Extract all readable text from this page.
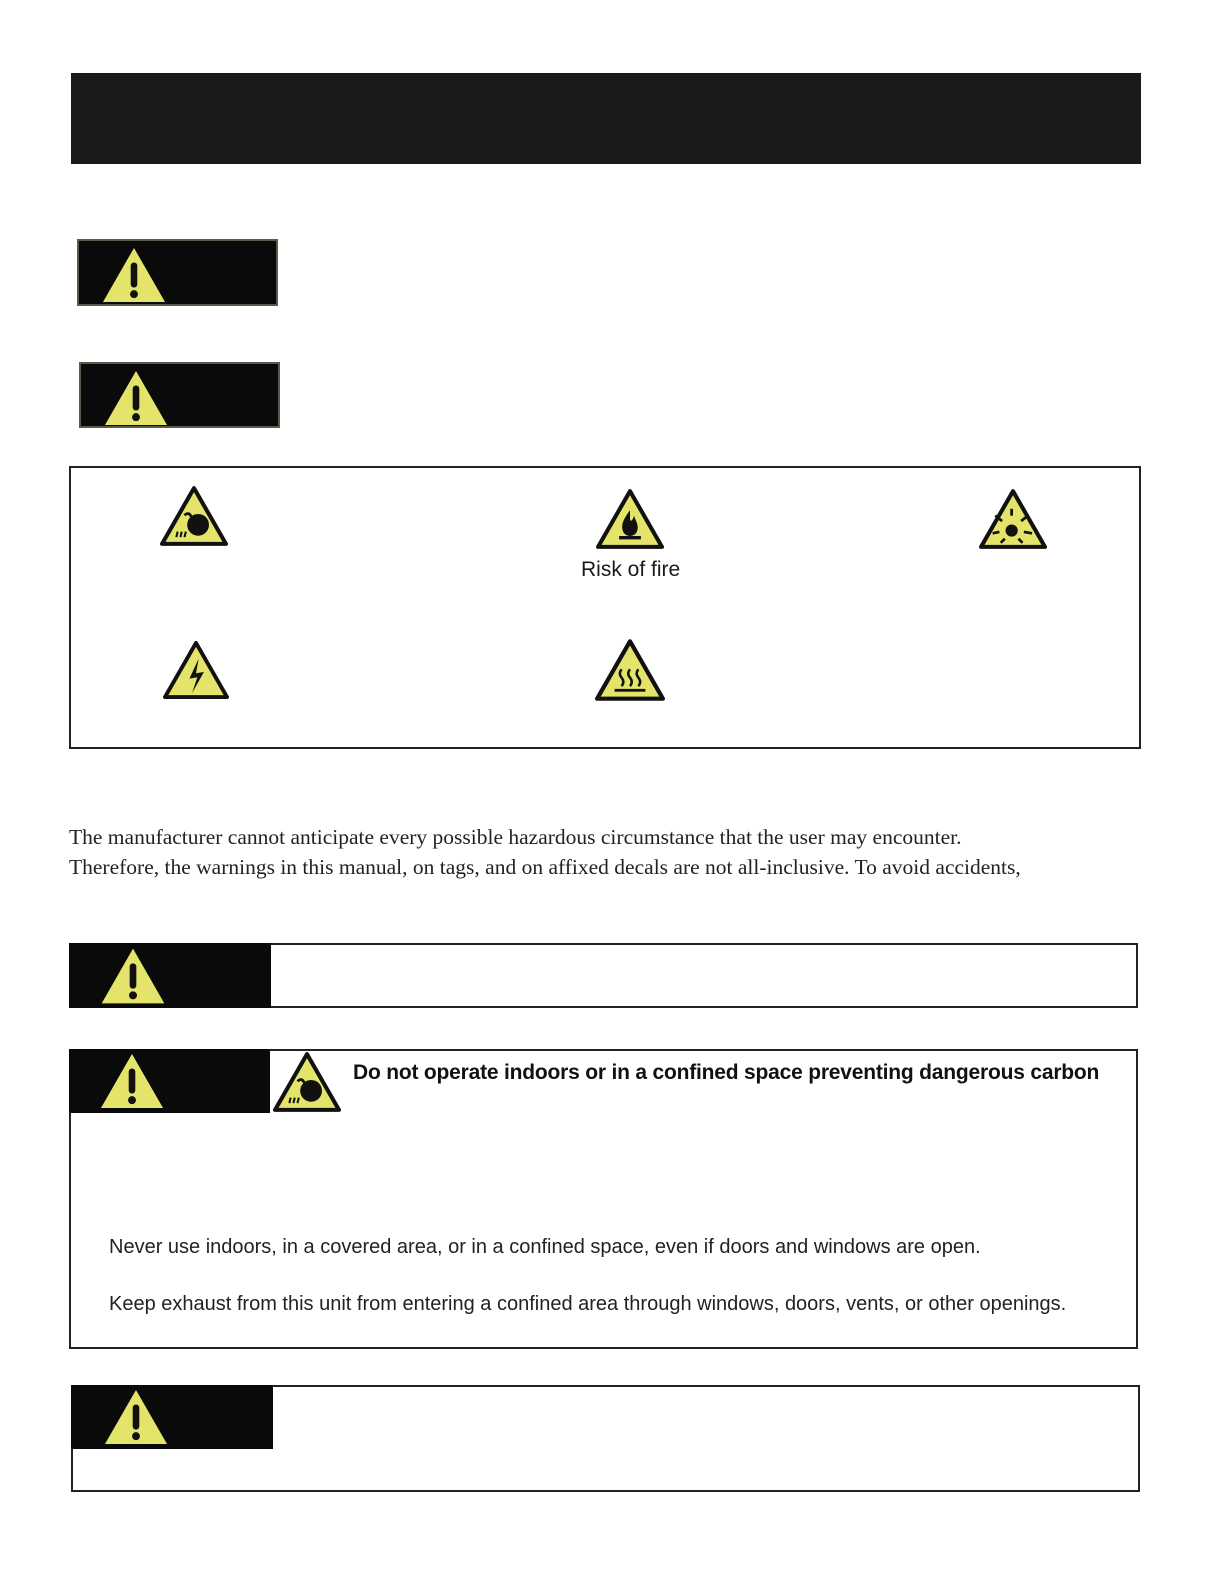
Risk of fire
The manufacturer cannot anticipate every possible hazardous circumstance that the user may encounter.
Therefore, the warnings in this manual, on tags, and on affixed decals are not all-inclusive. To avoid accidents,
Do not operate indoors or in a confined space preventing dangerous carbon
Never use indoors, in a covered area, or in a confined space, even if doors and windows are open.
Keep exhaust from this unit from entering a confined area through windows, doors, vents, or other openings.
